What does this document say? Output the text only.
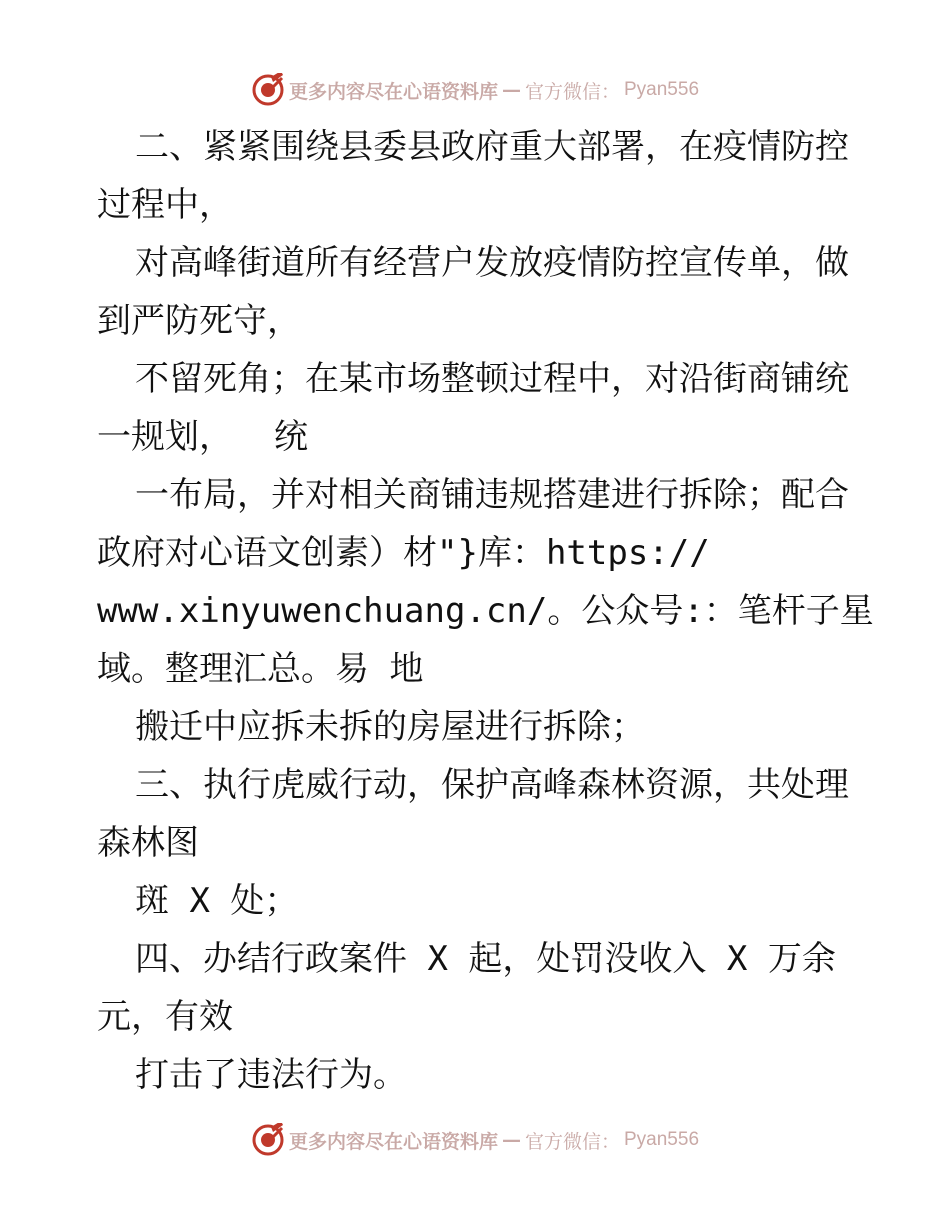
更多内容尽在心语资料库 — 官方微信： Pyan556
二、紧紧围绕县委县政府重大部署，在疫情防控
过程中，
对高峰街道所有经营户发放疫情防控宣传单，做
到严防死守，
不留死角；在某市场整顿过程中，对沿街商铺统
一规划，  统
一布局，并对相关商铺违规搭建进行拆除；配合
政府对心语文创素）材"}库：https://
www.xinyuwenchuang.cn/。公众号:：笔杆子星
域。整理汇总。易 地
搬迁中应拆未拆的房屋进行拆除；
三、执行虎威行动，保护高峰森林资源，共处理
森林图
斑 X 处；
四、办结行政案件 X 起，处罚没收入 X 万余
元，有效
打击了违法行为。
更多内容尽在心语资料库 — 官方微信： Pyan556
